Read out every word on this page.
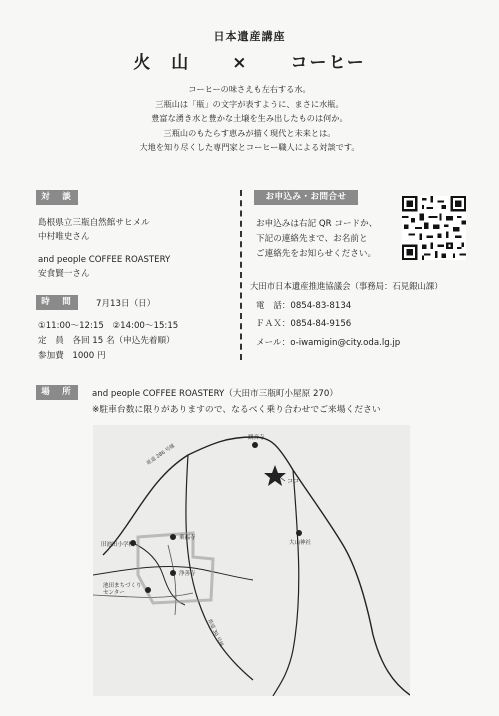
日本遺産講座
火　山 × コーヒー
コーヒーの味さえも左右する水。
三瓶山は「瓶」の文字が表すように、まさに水瓶。
豊富な湧き水と豊かな土壌を生み出したものは何か。
三瓶山のもたらす恵みが描く現代と未来とは。
大地を知り尽くした専門家とコーヒー職人による対談です。
対　談
島根県立三瓶自然館サヒメル
中村唯史さん
and people COFFEE ROASTERY
安食賢一さん
時　間	7月13日（日）
①11:00～12:15　②14:00～15:15
定　員　各回 15 名（申込先着順）
参加費　1000 円
お申込み・お問合せ
お申込みは右記 QR コードか、
下記の連絡先まで、お名前と
ご連絡先をお知らせください。
大田市日本遺産推進協議会（事務局：石見銀山課）
電　話：0854-83-8134
ＦＡＸ：0854-84-9156
メール：o-iwamigin@city.oda.lg.jp
場　所	and people COFFEE ROASTERY（大田市三瓶町小屋原 270）
※駐車台数に限りがありますので、なるべく乗り合わせでご来場ください
県道 286 号線
県道 30 号線
観音寺
ココ
大山神社
旧池田小学校
乗福寺
浄善寺
池田まちづくりセンター
